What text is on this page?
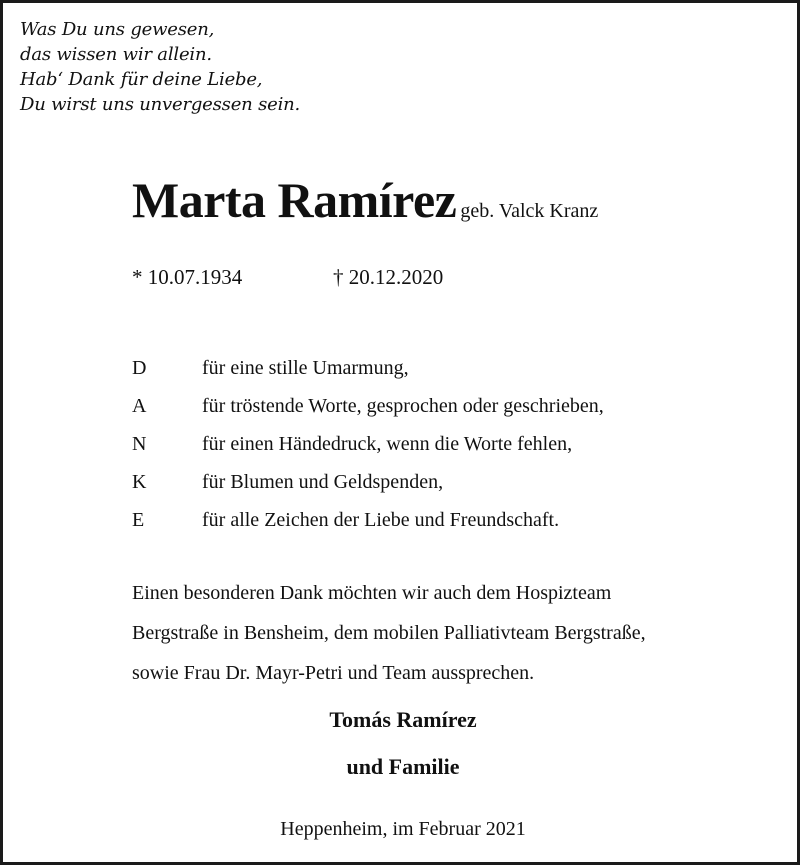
Was Du uns gewesen,
das wissen wir allein.
Hab‘ Dank für deine Liebe,
Du wirst uns unvergessen sein.
Marta Ramírez geb. Valck Kranz
* 10.07.1934	† 20.12.2020
D	für eine stille Umarmung,
A	für tröstende Worte, gesprochen oder geschrieben,
N	für einen Händedruck, wenn die Worte fehlen,
K	für Blumen und Geldspenden,
E	für alle Zeichen der Liebe und Freundschaft.
Einen besonderen Dank möchten wir auch dem Hospizteam
Bergstraße in Bensheim, dem mobilen Palliativteam Bergstraße,
sowie Frau Dr. Mayr-Petri und Team aussprechen.
Tomás Ramírez
und Familie
Heppenheim, im Februar 2021
